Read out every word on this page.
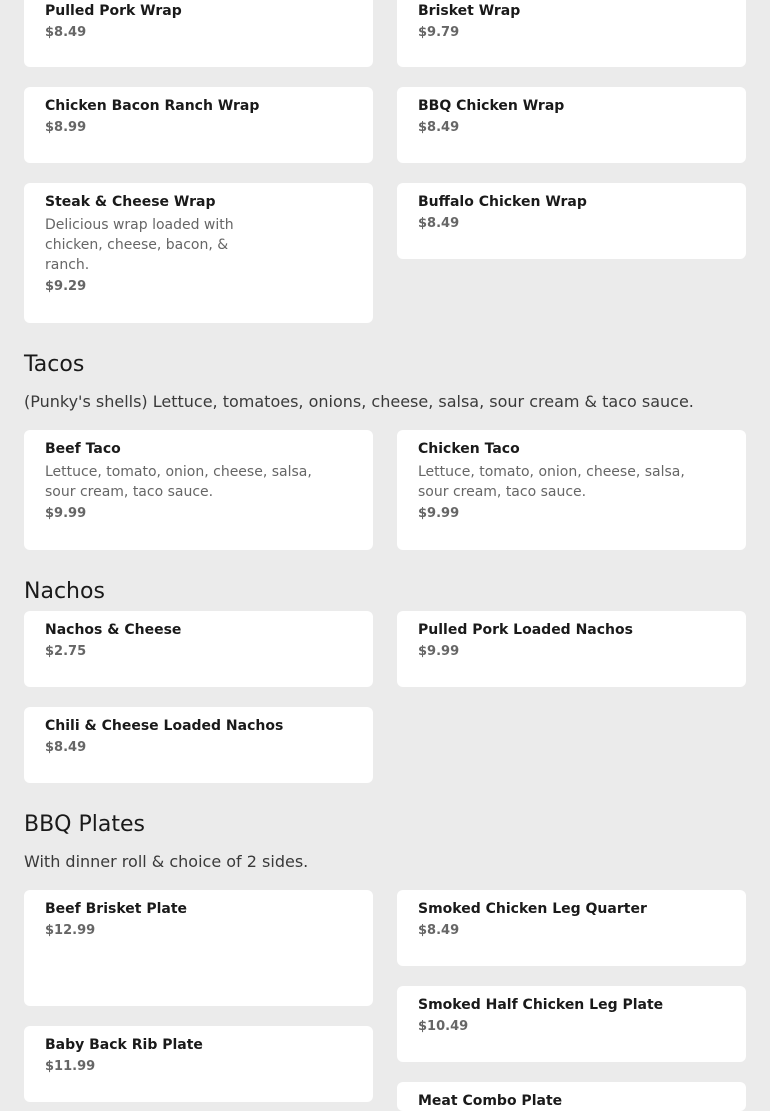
Pulled Pork Wrap
$8.49
Brisket Wrap
$9.79
Chicken Bacon Ranch Wrap
$8.99
BBQ Chicken Wrap
$8.49
Steak & Cheese Wrap
Delicious wrap loaded with chicken, cheese, bacon, & ranch.
$9.29
Buffalo Chicken Wrap
$8.49
Tacos
(Punky's shells) Lettuce, tomatoes, onions, cheese, salsa, sour cream & taco sauce.
Beef Taco
Lettuce, tomato, onion, cheese, salsa, sour cream, taco sauce.
$9.99
Chicken Taco
Lettuce, tomato, onion, cheese, salsa, sour cream, taco sauce.
$9.99
Nachos
Nachos & Cheese
$2.75
Pulled Pork Loaded Nachos
$9.99
Chili & Cheese Loaded Nachos
$8.49
BBQ Plates
With dinner roll & choice of 2 sides.
Beef Brisket Plate
$12.99
Smoked Chicken Leg Quarter
$8.49
Smoked Half Chicken Leg Plate
$10.49
Baby Back Rib Plate
$11.99
Meat Combo Plate
